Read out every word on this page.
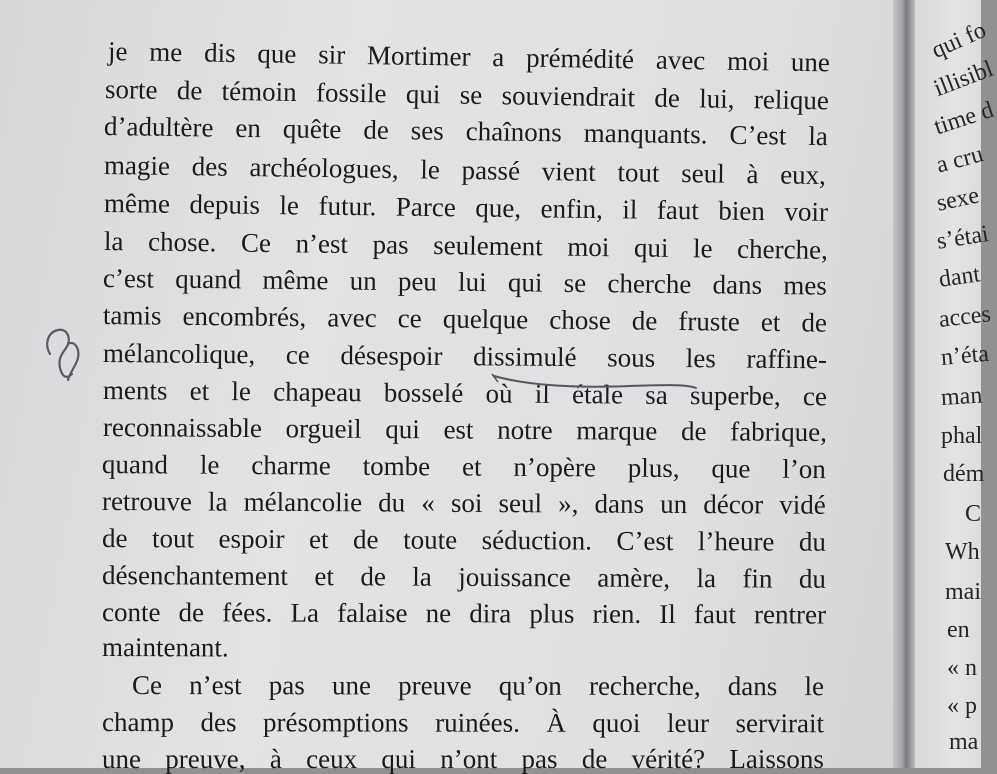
je me dis que sir Mortimer a prémédité avec moi une

sorte de témoin fossile qui se souviendrait de lui, relique

d’adultère en quête de ses chaînons manquants. C’est la

magie des archéologues, le passé vient tout seul à eux,

même depuis le futur. Parce que, enfin, il faut bien voir

la chose. Ce n’est pas seulement moi qui le cherche,

c’est quand même un peu lui qui se cherche dans mes

tamis encombrés, avec ce quelque chose de fruste et de

mélancolique, ce désespoir dissimulé sous les raffine-

ments et le chapeau bosselé où il étale sa superbe, ce

reconnaissable orgueil qui est notre marque de fabrique,

quand le charme tombe et n’opère plus, que l’on

retrouve la mélancolie du « soi seul », dans un décor vidé

de tout espoir et de toute séduction. C’est l’heure du

désenchantement et de la jouissance amère, la fin du

conte de fées. La falaise ne dira plus rien. Il faut rentrer

maintenant.

Ce n’est pas une preuve qu’on recherche, dans le

champ des présomptions ruinées. À quoi leur servirait

une preuve, à ceux qui n’ont pas de vérité? Laissons

qui fo

illisibl

time d

a cru

sexe

s’étai

dant

acces

n’éta

man

phal

dém

C

Wh

mai

en

« n

« p

ma
